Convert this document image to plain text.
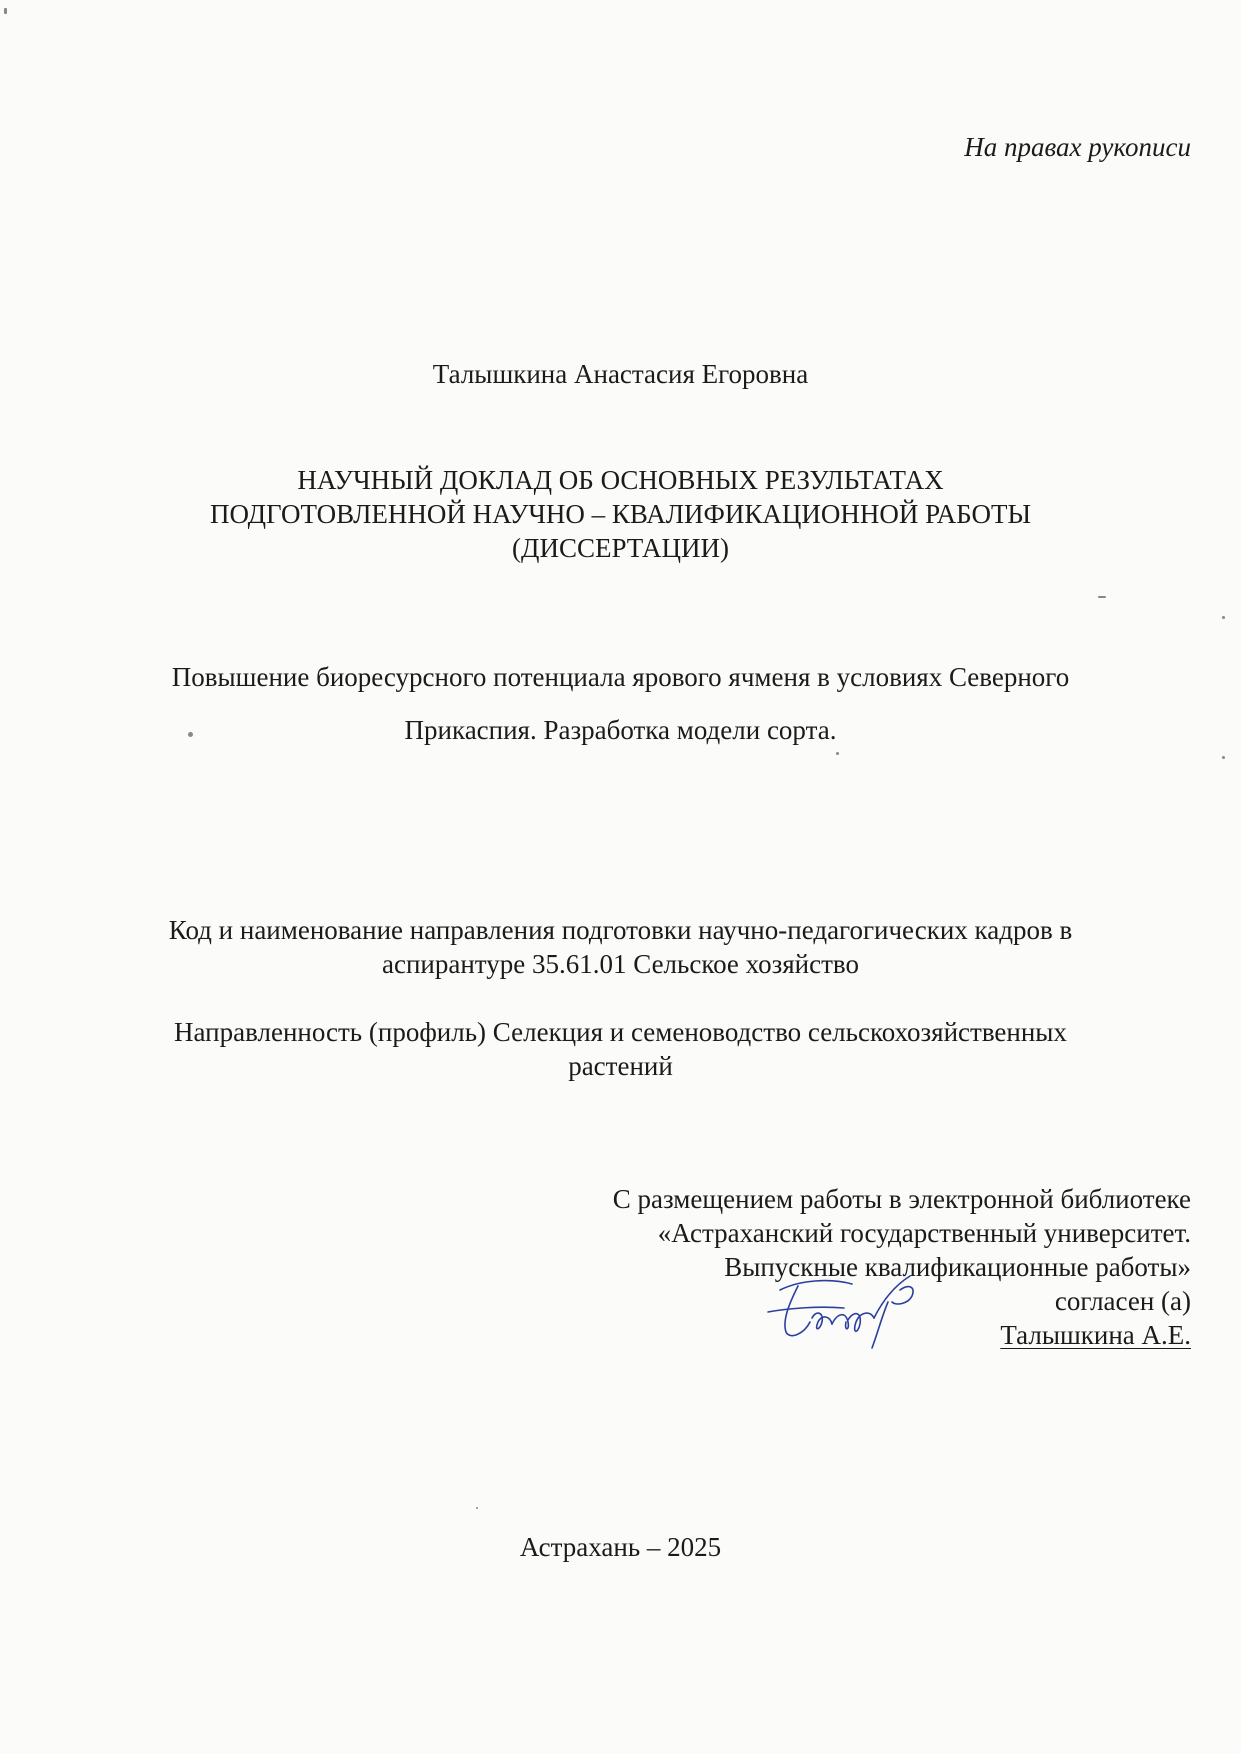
На правах рукописи
Талышкина Анастасия Егоровна
НАУЧНЫЙ ДОКЛАД ОБ ОСНОВНЫХ РЕЗУЛЬТАТАХ
ПОДГОТОВЛЕННОЙ НАУЧНО – КВАЛИФИКАЦИОННОЙ РАБОТЫ
(ДИССЕРТАЦИИ)
Повышение биоресурсного потенциала ярового ячменя в условиях Северного
Прикаспия. Разработка модели сорта.
Код и наименование направления подготовки научно-педагогических кадров в
аспирантуре 35.61.01 Сельское хозяйство
Направленность (профиль) Селекция и семеноводство сельскохозяйственных
растений
С размещением работы в электронной библиотеке
«Астраханский государственный университет.
Выпускные квалификационные работы»
согласен (а)
Талышкина А.Е.
Астрахань – 2025
